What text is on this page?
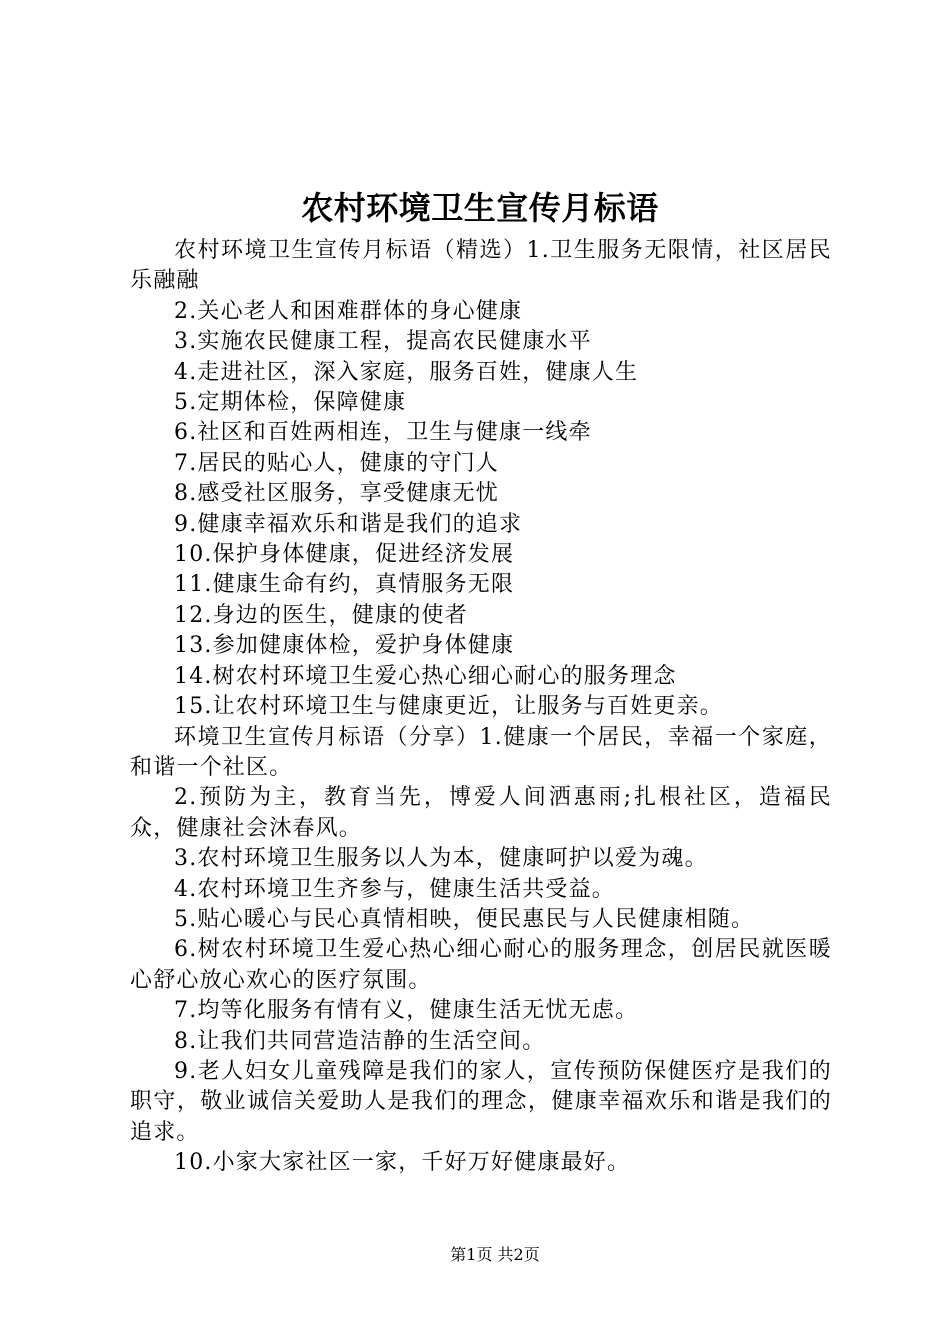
农村环境卫生宣传月标语

农村环境卫生宣传月标语（精选）1.卫生服务无限情，社区居民乐融融

2.关心老人和困难群体的身心健康

3.实施农民健康工程，提高农民健康水平

4.走进社区，深入家庭，服务百姓，健康人生

5.定期体检，保障健康

6.社区和百姓两相连，卫生与健康一线牵

7.居民的贴心人，健康的守门人

8.感受社区服务，享受健康无忧

9.健康幸福欢乐和谐是我们的追求

10.保护身体健康，促进经济发展

11.健康生命有约，真情服务无限

12.身边的医生，健康的使者

13.参加健康体检，爱护身体健康

14.树农村环境卫生爱心热心细心耐心的服务理念

15.让农村环境卫生与健康更近，让服务与百姓更亲。

环境卫生宣传月标语（分享）1.健康一个居民，幸福一个家庭，和谐一个社区。

2.预防为主，教育当先，博爱人间洒惠雨;扎根社区，造福民众，健康社会沐春风。

3.农村环境卫生服务以人为本，健康呵护以爱为魂。

4.农村环境卫生齐参与，健康生活共受益。

5.贴心暖心与民心真情相映，便民惠民与人民健康相随。

6.树农村环境卫生爱心热心细心耐心的服务理念，创居民就医暖心舒心放心欢心的医疗氛围。

7.均等化服务有情有义，健康生活无忧无虑。

8.让我们共同营造洁静的生活空间。

9.老人妇女儿童残障是我们的家人，宣传预防保健医疗是我们的职守，敬业诚信关爱助人是我们的理念，健康幸福欢乐和谐是我们的追求。

10.小家大家社区一家，千好万好健康最好。

第1页 共2页
